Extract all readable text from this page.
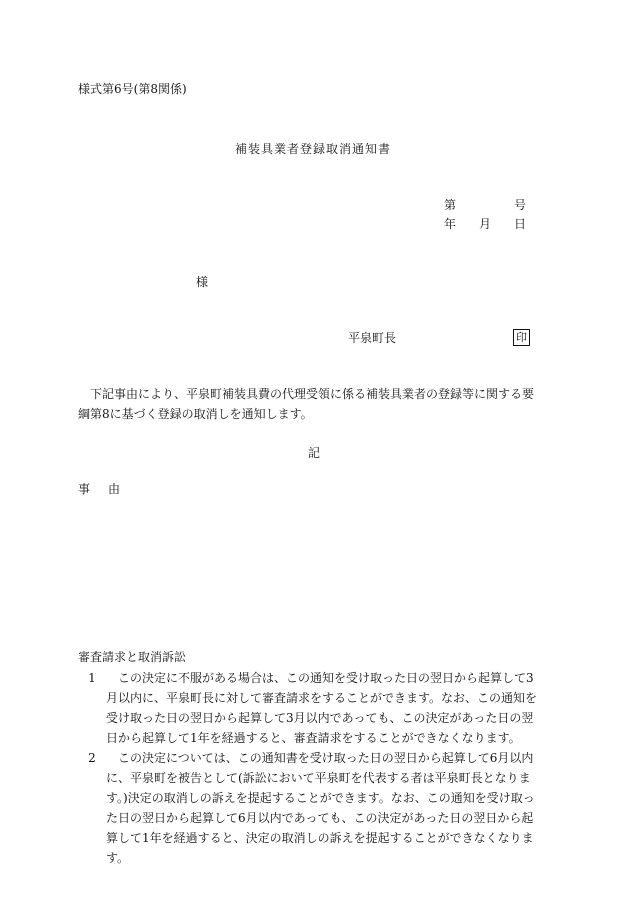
様式第6号(第8関係)
補装具業者登録取消通知書
第	号
年 月 日
様
平泉町長	印
下記事由により、平泉町補装具費の代理受領に係る補装具業者の登録等に関する要綱第8に基づく登録の取消しを通知します。
記
事 由
審査請求と取消訴訟
1	この決定に不服がある場合は、この通知を受け取った日の翌日から起算して3月以内に、平泉町長に対して審査請求をすることができます。なお、この通知を受け取った日の翌日から起算して3月以内であっても、この決定があった日の翌日から起算して1年を経過すると、審査請求をすることができなくなります。
2	この決定については、この通知書を受け取った日の翌日から起算して6月以内に、平泉町を被告として(訴訟において平泉町を代表する者は平泉町長となります。)決定の取消しの訴えを提起することができます。なお、この通知を受け取った日の翌日から起算して6月以内であっても、この決定があった日の翌日から起算して1年を経過すると、決定の取消しの訴えを提起することができなくなります。
